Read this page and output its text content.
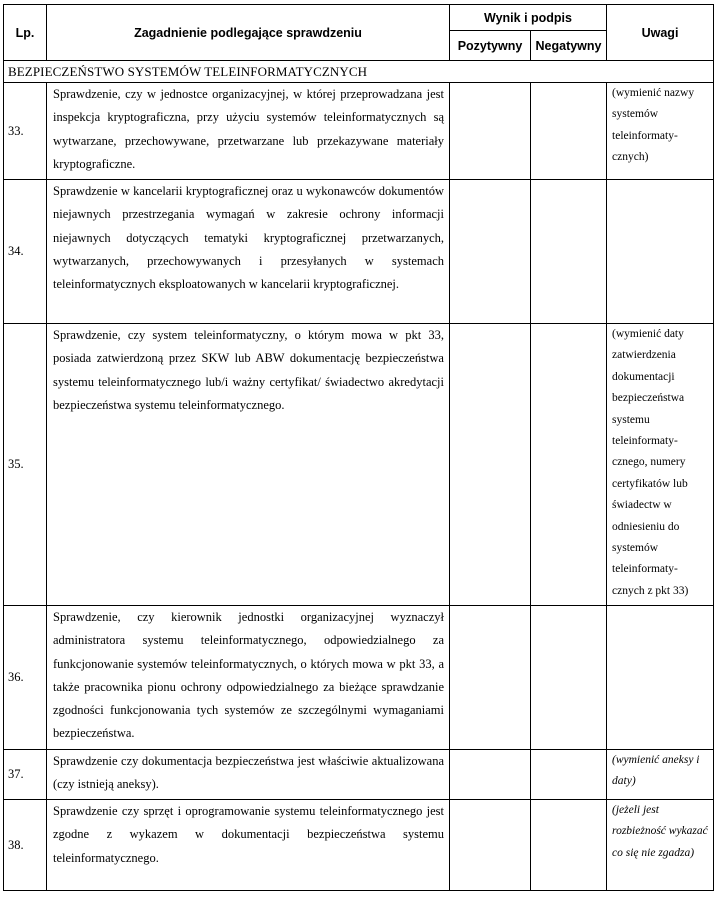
Lp.	Zagadnienie podlegające sprawdzeniu	Wynik i podpis		Uwagi
		Pozytywny	Negatywny	
BEZPIECZEŃSTWO SYSTEMÓW TELEINFORMATYCZNYCH				
33.	Sprawdzenie, czy w jednostce organizacyjnej, w której przeprowadzana jest inspekcja kryptograficzna, przy użyciu systemów teleinformatycznych są wytwarzane, przechowywane, przetwarzane lub przekazywane materiały kryptograficzne.			(wymienić nazwy systemów teleinformaty-cznych)
34.	Sprawdzenie w kancelarii kryptograficznej oraz u wykonawców dokumentów niejawnych przestrzegania wymagań w zakresie ochrony informacji niejawnych dotyczących tematyki kryptograficznej przetwarzanych, wytwarzanych, przechowywanych i przesyłanych w systemach teleinformatycznych eksploatowanych w kancelarii kryptograficznej.			
35.	Sprawdzenie, czy system teleinformatyczny, o którym mowa w pkt 33, posiada zatwierdzoną przez SKW lub ABW dokumentację bezpieczeństwa systemu teleinformatycznego lub/i ważny certyfikat/ świadectwo akredytacji bezpieczeństwa systemu teleinformatycznego.			(wymienić daty zatwierdzenia dokumentacji bezpieczeństwa systemu teleinformaty-cznego, numery certyfikatów lub świadectw w odniesieniu do systemów teleinformaty-cznych z pkt 33)
36.	Sprawdzenie, czy kierownik jednostki organizacyjnej wyznaczył administratora systemu teleinformatycznego, odpowiedzialnego za funkcjonowanie systemów teleinformatycznych, o których mowa w pkt 33, a także pracownika pionu ochrony odpowiedzialnego za bieżące sprawdzanie zgodności funkcjonowania tych systemów ze szczególnymi wymaganiami bezpieczeństwa.			
37.	Sprawdzenie czy dokumentacja bezpieczeństwa jest właściwie aktualizowana (czy istnieją aneksy).			(wymienić aneksy i daty)
38.	Sprawdzenie czy sprzęt i oprogramowanie systemu teleinformatycznego jest zgodne z wykazem w dokumentacji bezpieczeństwa systemu teleinformatycznego.			(jeżeli jest rozbieżność wykazać co się nie zgadza)
